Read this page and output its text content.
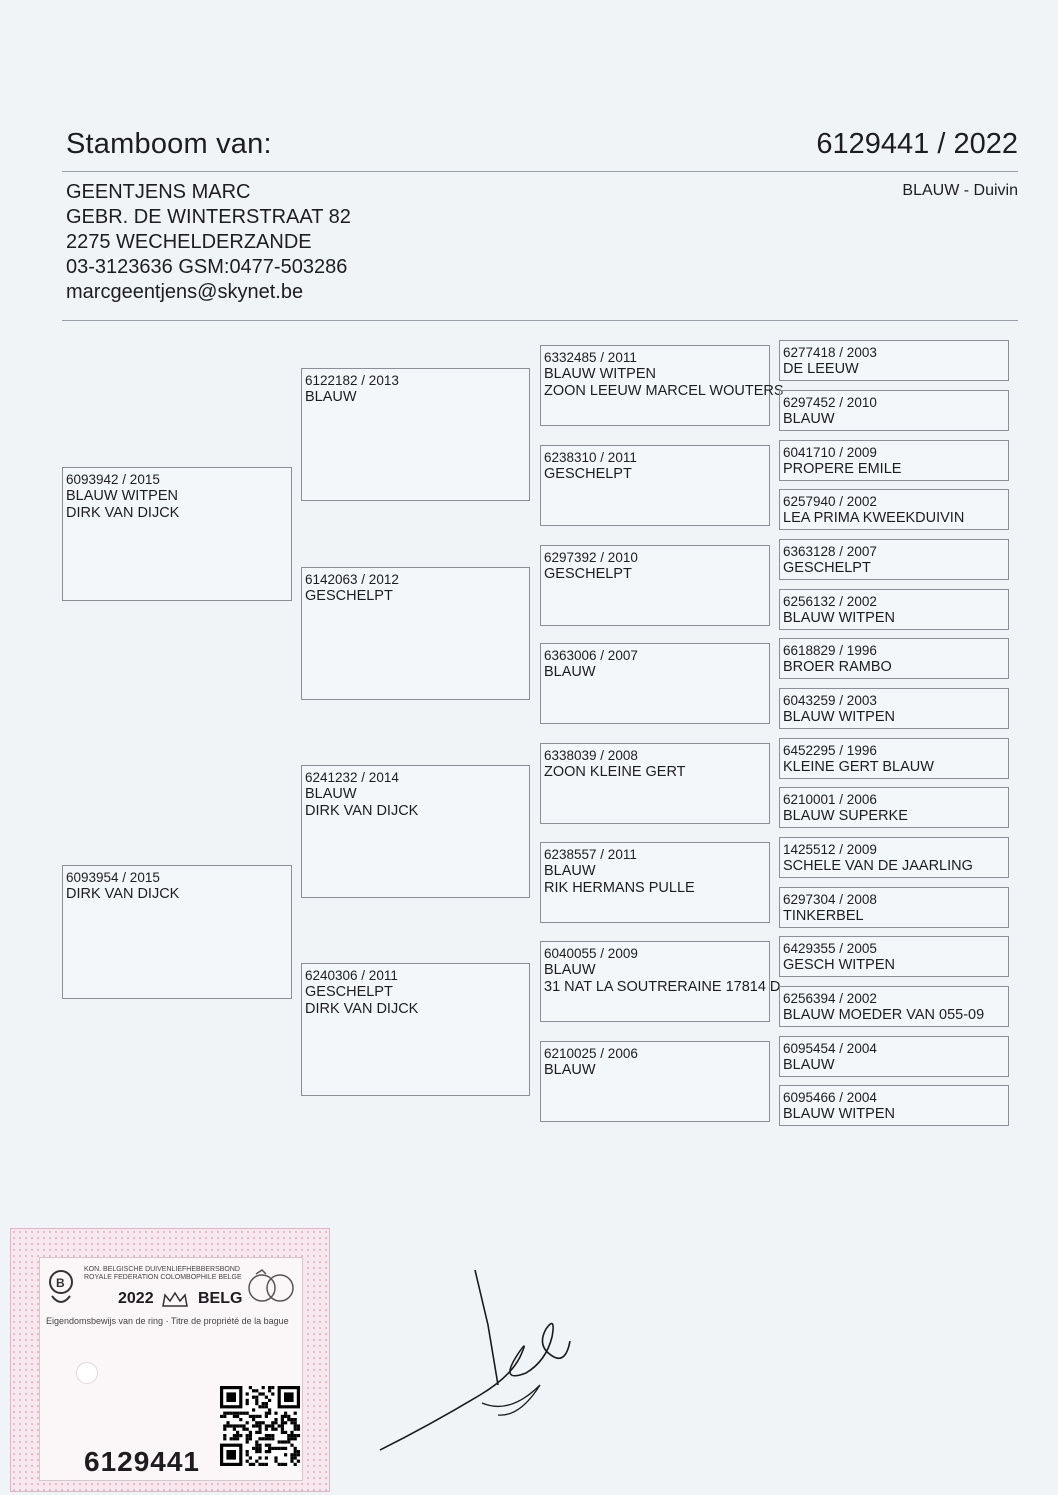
Stamboom van:	6129441 / 2022
GEENTJENS MARC
GEBR. DE WINTERSTRAAT 82
2275 WECHELDERZANDE
03-3123636 GSM:0477-503286
marcgeentjens@skynet.be
BLAUW - Duivin
6093942 / 2015
BLAUW WITPEN
DIRK VAN DIJCK
6093954 / 2015
DIRK VAN DIJCK
6122182 / 2013
BLAUW
6142063 / 2012
GESCHELPT
6241232 / 2014
BLAUW
DIRK VAN DIJCK
6240306 / 2011
GESCHELPT
DIRK VAN DIJCK
6332485 / 2011
BLAUW WITPEN
ZOON LEEUW MARCEL WOUTERS
6238310 / 2011
GESCHELPT
6297392 / 2010
GESCHELPT
6363006 / 2007
BLAUW
6338039 / 2008
ZOON KLEINE GERT
6238557 / 2011
BLAUW
RIK HERMANS PULLE
6040055 / 2009
BLAUW
31 NAT LA SOUTRERAINE 17814 D
6210025 / 2006
BLAUW
6277418 / 2003
DE LEEUW
6297452 / 2010
BLAUW
6041710 / 2009
PROPERE EMILE
6257940 / 2002
LEA PRIMA KWEEKDUIVIN
6363128 / 2007
GESCHELPT
6256132 / 2002
BLAUW WITPEN
6618829 / 1996
BROER RAMBO
6043259 / 2003
BLAUW WITPEN
6452295 / 1996
KLEINE GERT BLAUW
6210001 / 2006
BLAUW SUPERKE
1425512 / 2009
SCHELE VAN DE JAARLING
6297304 / 2008
TINKERBEL
6429355 / 2005
GESCH WITPEN
6256394 / 2002
BLAUW MOEDER VAN 055-09
6095454 / 2004
BLAUW
6095466 / 2004
BLAUW WITPEN
B
KON. BELGISCHE DUIVENLIEFHEBBERSBOND
ROYALE FEDERATION COLOMBOPHILE BELGE
2022	BELG
Eigendomsbewijs van de ring · Titre de propriété de la bague
6129441
